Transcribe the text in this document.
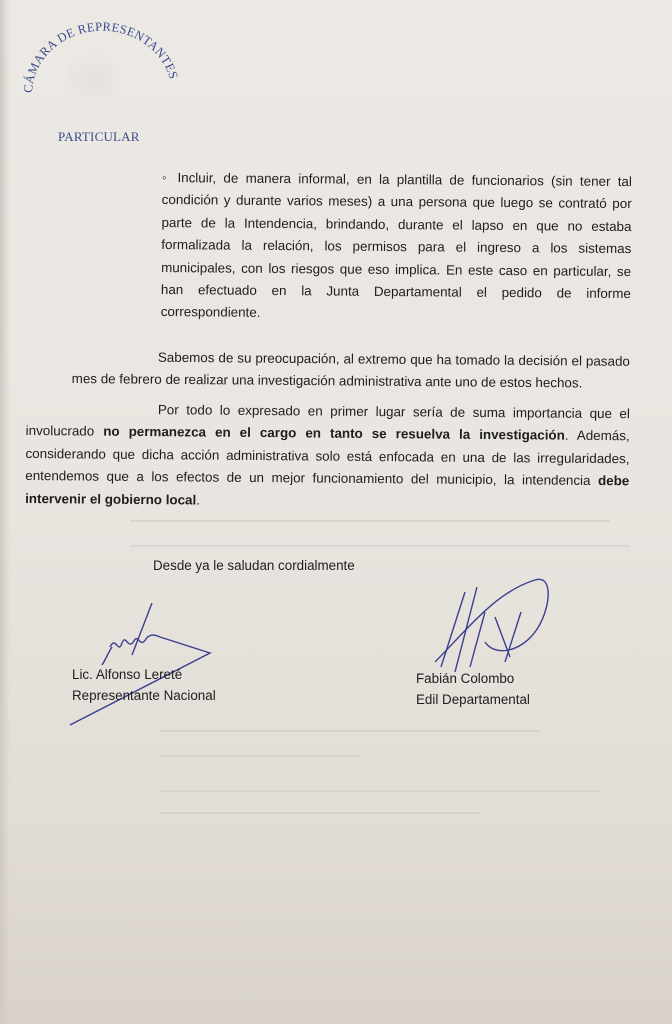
CÁMARA DE REPRESENTANTES
PARTICULAR
◦ Incluir, de manera informal, en la plantilla de funcionarios (sin tener tal condición y durante varios meses) a una persona que luego se contrató por parte de la Intendencia, brindando, durante el lapso en que no estaba formalizada la relación, los permisos para el ingreso a los sistemas municipales, con los riesgos que eso implica. En este caso en particular, se han efectuado en la Junta Departamental el pedido de informe correspondiente.
Sabemos de su preocupación, al extremo que ha tomado la decisión el pasado mes de febrero de realizar una investigación administrativa ante uno de estos hechos.
Por todo lo expresado en primer lugar sería de suma importancia que el involucrado no permanezca en el cargo en tanto se resuelva la investigación. Además, considerando que dicha acción administrativa solo está enfocada en una de las irregularidades, entendemos que a los efectos de un mejor funcionamiento del municipio, la intendencia debe intervenir el gobierno local.
Desde ya le saludan cordialmente
Lic. Alfonso Lereté
Representante Nacional
Fabián Colombo
Edil Departamental
